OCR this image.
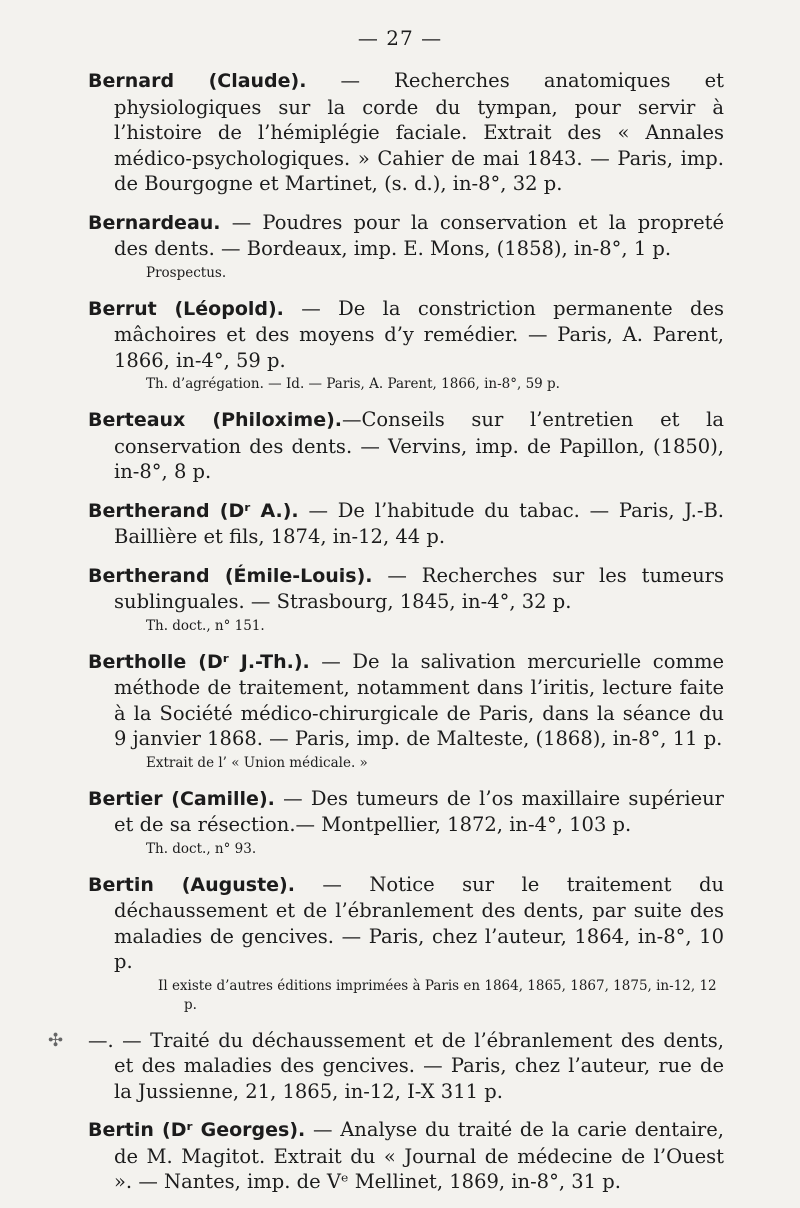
— 27 —
Bernard (Claude). — Recherches anatomiques et physiologiques sur la corde du tympan, pour servir à l’histoire de l’hémiplégie faciale. Extrait des « Annales médico-psychologiques. » Cahier de mai 1843. — Paris, imp. de Bourgogne et Martinet, (s. d.), in-8°, 32 p.
Bernardeau. — Poudres pour la conservation et la propreté des dents. — Bordeaux, imp. E. Mons, (1858), in-8°, 1 p.
Prospectus.
Berrut (Léopold). — De la constriction permanente des mâchoires et des moyens d’y remédier. — Paris, A. Parent, 1866, in-4°, 59 p.
Th. d’agrégation. — Id. — Paris, A. Parent, 1866, in-8°, 59 p.
Berteaux (Philoxime).—Conseils sur l’entretien et la conservation des dents. — Vervins, imp. de Papillon, (1850), in-8°, 8 p.
Bertherand (Dʳ A.). — De l’habitude du tabac. — Paris, J.-B. Baillière et fils, 1874, in-12, 44 p.
Bertherand (Émile-Louis). — Recherches sur les tumeurs sublinguales. — Strasbourg, 1845, in-4°, 32 p.
Th. doct., n° 151.
Bertholle (Dʳ J.-Th.). — De la salivation mercurielle comme méthode de traitement, notamment dans l’iritis, lecture faite à la Société médico-chirurgicale de Paris, dans la séance du 9 janvier 1868. — Paris, imp. de Malteste, (1868), in-8°, 11 p.
Extrait de l’ « Union médicale. »
Bertier (Camille). — Des tumeurs de l’os maxillaire supérieur et de sa résection.— Montpellier, 1872, in-4°, 103 p.
Th. doct., n° 93.
Bertin (Auguste). — Notice sur le traitement du déchaussement et de l’ébranlement des dents, par suite des maladies de gencives. — Paris, chez l’auteur, 1864, in-8°, 10 p.
Il existe d’autres éditions imprimées à Paris en 1864, 1865, 1867, 1875, in-12, 12 p.
✣ —. — Traité du déchaussement et de l’ébranlement des dents, et des maladies des gencives. — Paris, chez l’auteur, rue de la Jussienne, 21, 1865, in-12, I-X 311 p.
Bertin (Dʳ Georges). — Analyse du traité de la carie dentaire, de M. Magitot. Extrait du « Journal de médecine de l’Ouest ». — Nantes, imp. de Vᵉ Mellinet, 1869, in-8°, 31 p.
